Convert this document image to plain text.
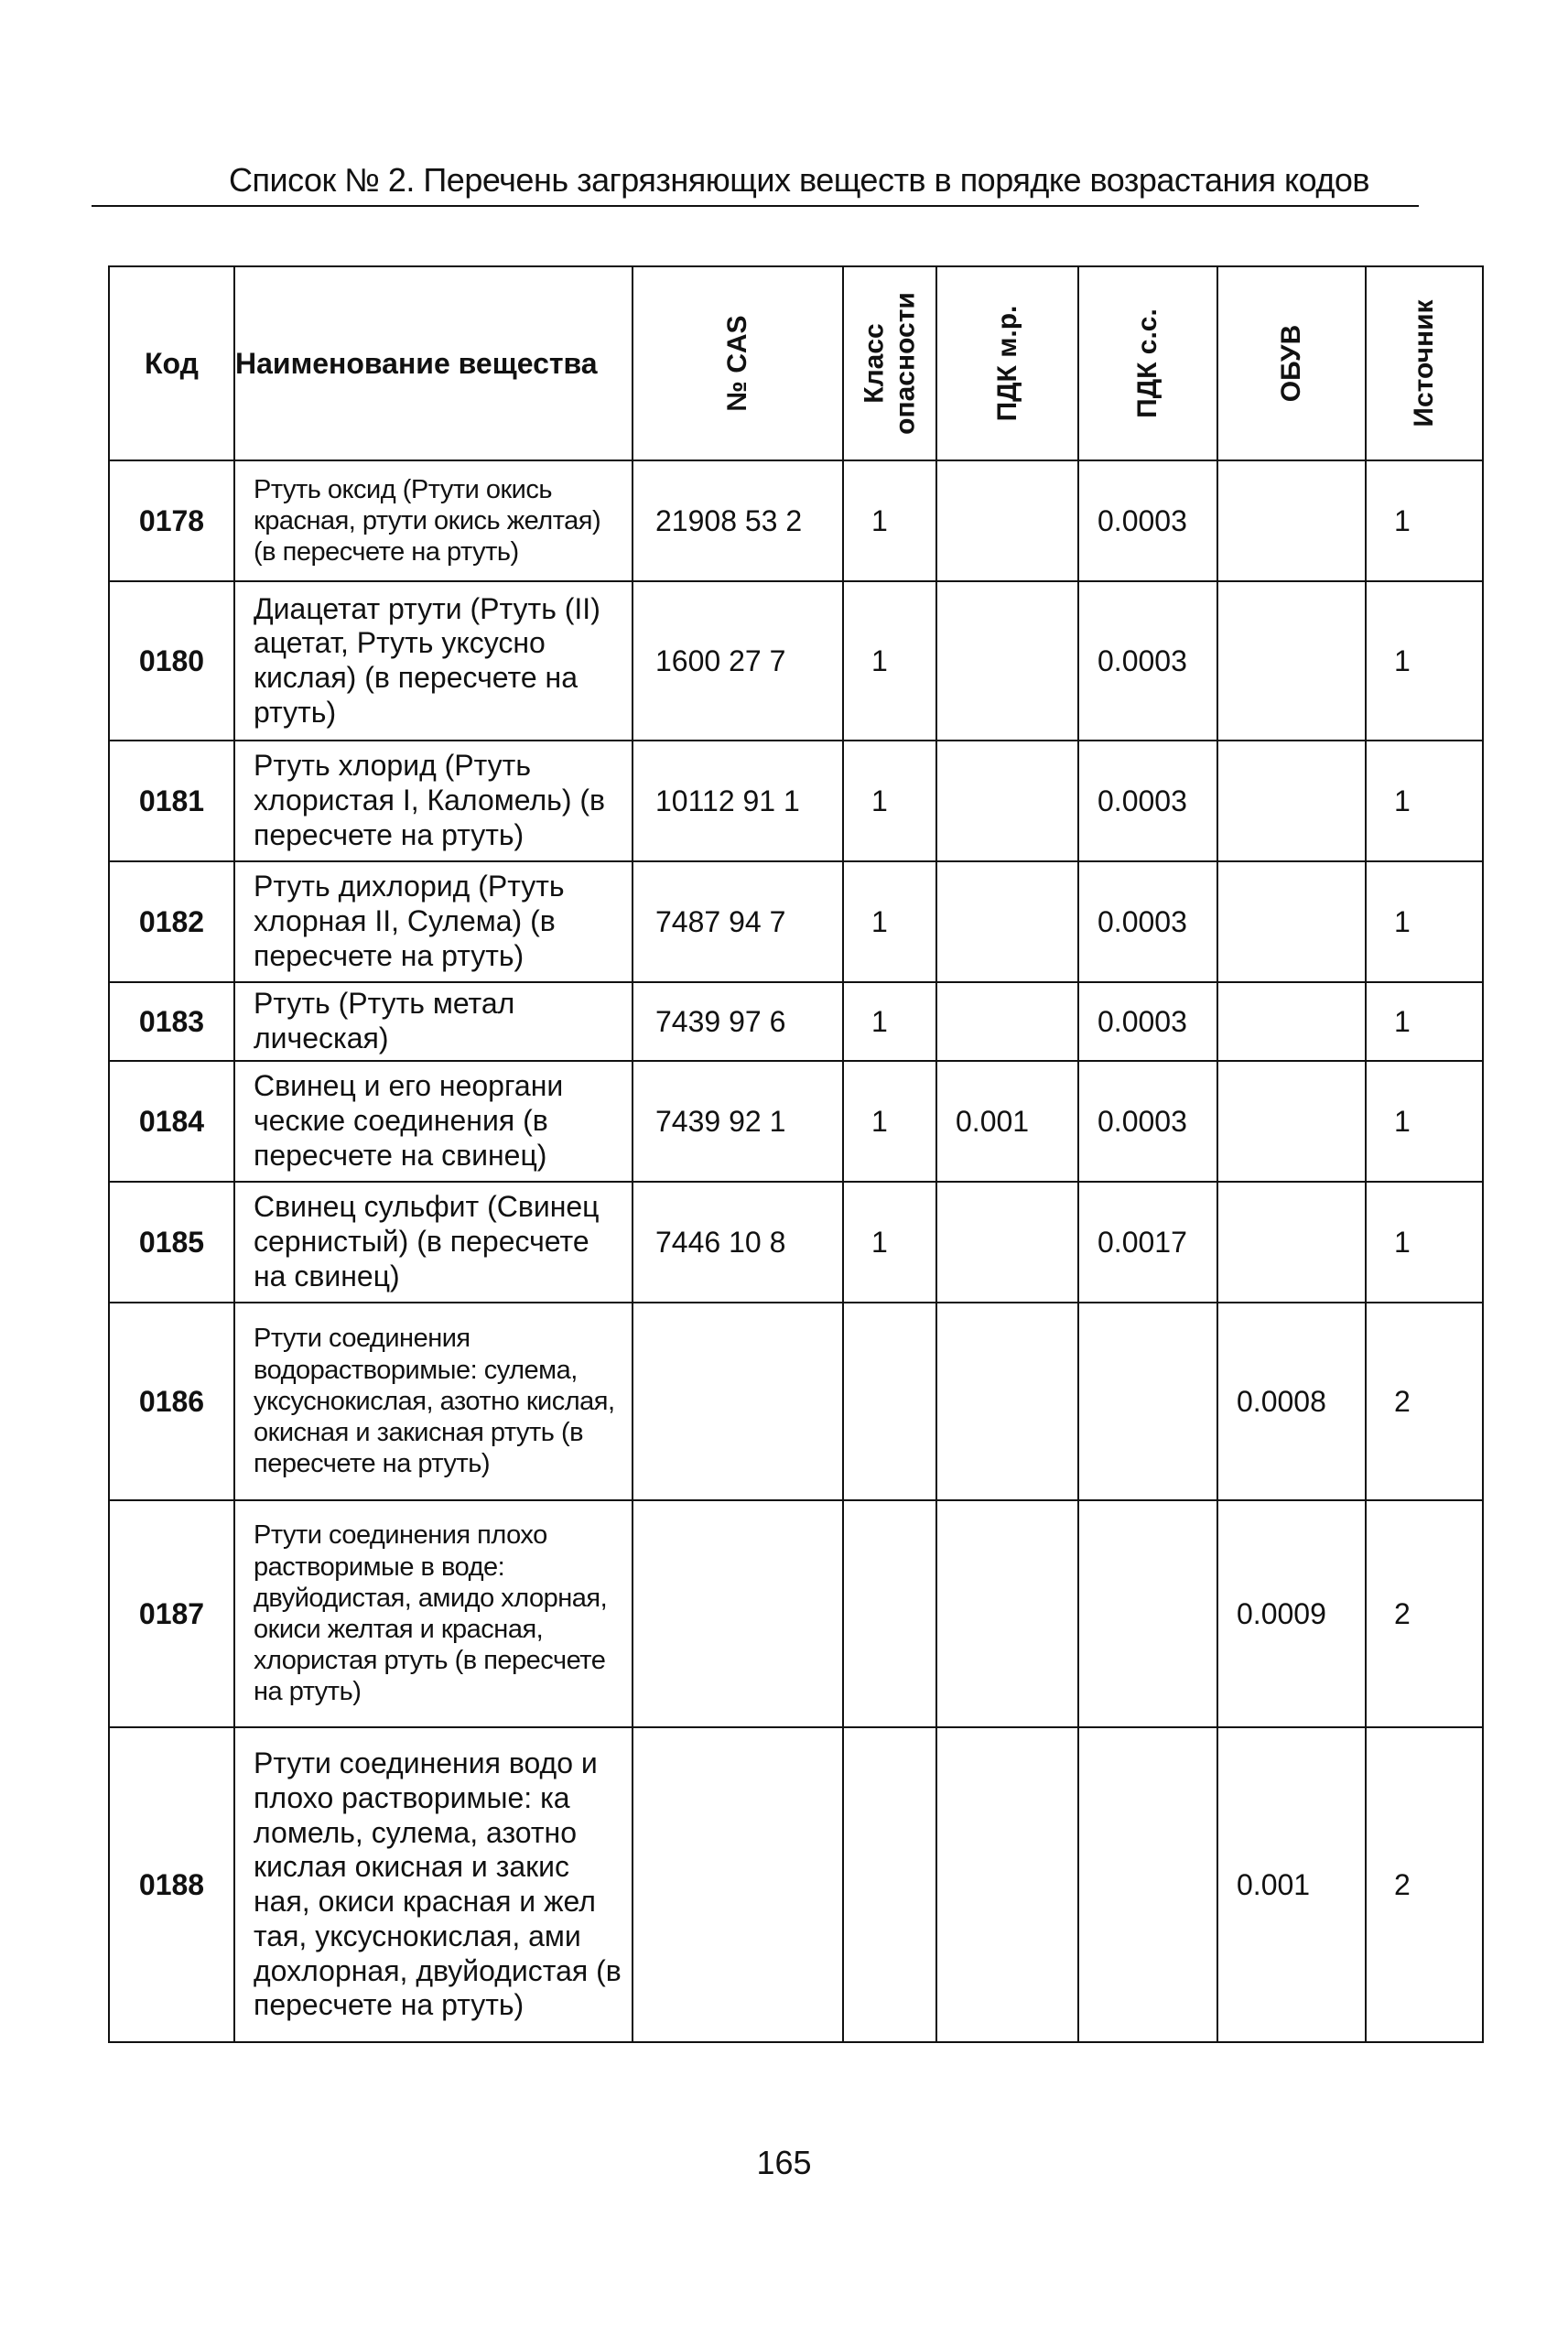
Список № 2. Перечень загрязняющих веществ в порядке возрастания кодов
Код	Наименование вещества	№ CAS	Класс опасности	ПДК м.р.	ПДК с.с.	ОБУВ	Источник

0178	Ртуть оксид (Ртути окись красная, ртути окись желтая) (в пересчете на ртуть)	21908 53 2	1		0.0003		1
0180	Диацетат ртути (Ртуть (II) ацетат, Ртуть уксусно кислая) (в пересчете на ртуть)	1600 27 7	1		0.0003		1
0181	Ртуть хлорид (Ртуть хлористая I, Каломель) (в пересчете на ртуть)	10112 91 1	1		0.0003		1
0182	Ртуть дихлорид (Ртуть хлорная II, Сулема) (в пересчете на ртуть)	7487 94 7	1		0.0003		1
0183	Ртуть (Ртуть метал лическая)	7439 97 6	1		0.0003		1
0184	Свинец и его неоргани ческие соединения (в пересчете на свинец)	7439 92 1	1	0.001	0.0003		1
0185	Свинец сульфит (Свинец сернистый) (в пересчете на свинец)	7446 10 8	1		0.0017		1
0186	Ртути соединения водорастворимые: сулема, уксуснокислая, азотно кислая, окисная и закисная ртуть (в пересчете на ртуть)					0.0008	2
0187	Ртути соединения плохо растворимые в воде: двуйодистая, амидо хлорная, окиси желтая и красная, хлористая ртуть (в пересчете на ртуть)					0.0009	2
0188	Ртути соединения водо и плохо растворимые: ка ломель, сулема, азотно кислая окисная и закис ная, окиси красная и жел тая, уксуснокислая, ами дохлорная, двуйодистая (в пересчете на ртуть)					0.001	2
165
